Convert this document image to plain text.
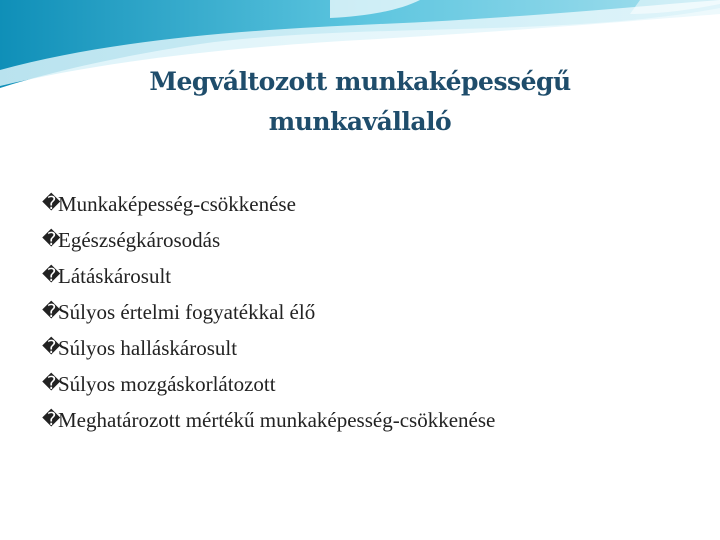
Megváltozott munkaképességű
munkavállaló
�
Munkaképesség-csökkenése
�
Egészségkárosodás
�
Látáskárosult
�
Súlyos értelmi fogyatékkal élő
�
Súlyos halláskárosult
�
Súlyos mozgáskorlátozott
�
Meghatározott mértékű munkaképesség-csökkenése
